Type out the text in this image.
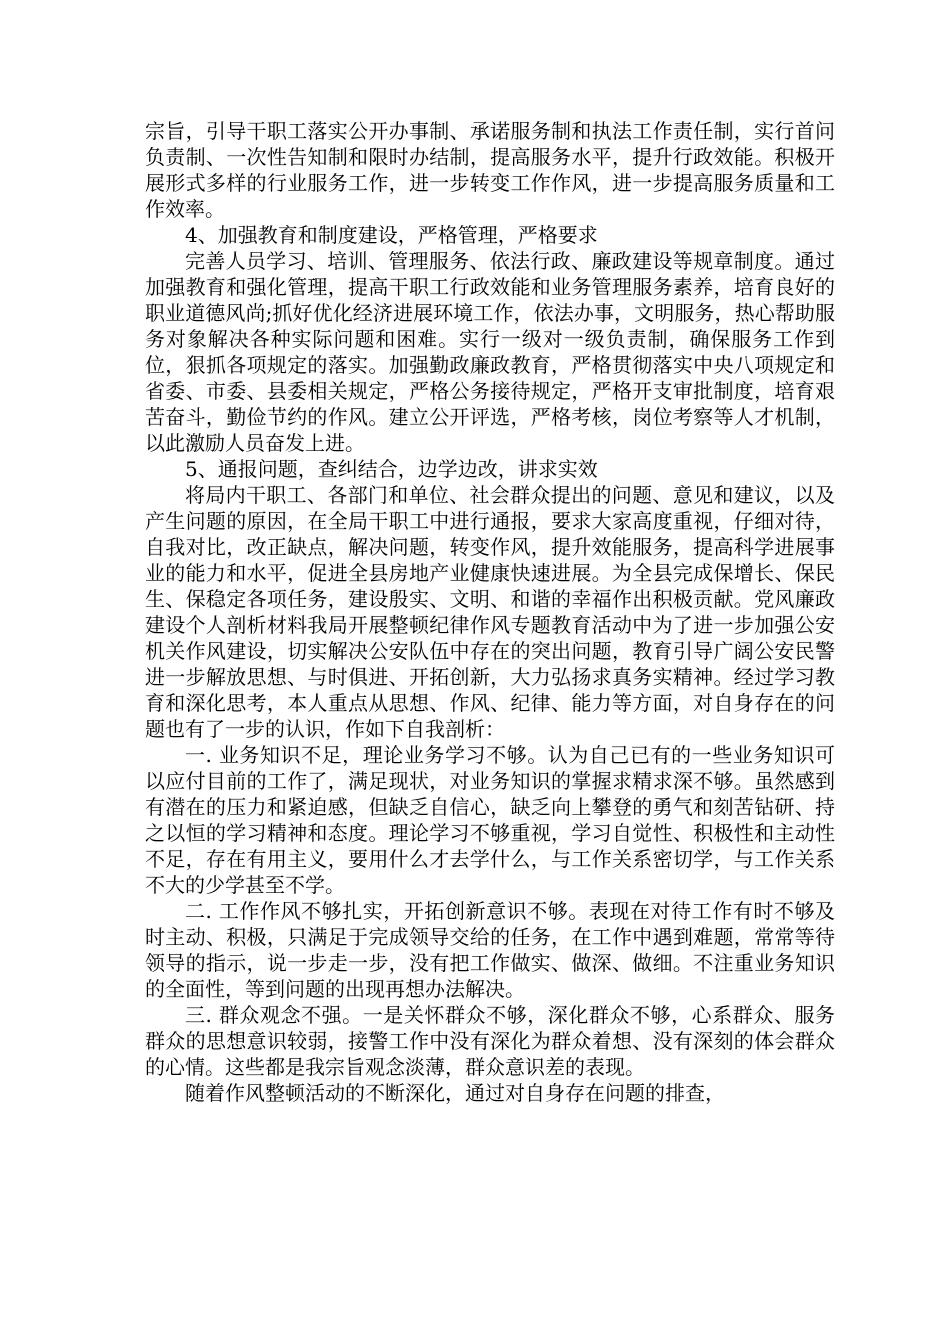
宗旨，引导干职工落实公开办事制、承诺服务制和执法工作责任制，实行首问负责制、一次性告知制和限时办结制，提高服务水平，提升行政效能。积极开展形式多样的行业服务工作，进一步转变工作作风，进一步提高服务质量和工作效率。

4、加强教育和制度建设，严格管理，严格要求

完善人员学习、培训、管理服务、依法行政、廉政建设等规章制度。通过加强教育和强化管理，提高干职工行政效能和业务管理服务素养，培育良好的职业道德风尚;抓好优化经济进展环境工作，依法办事，文明服务，热心帮助服务对象解决各种实际问题和困难。实行一级对一级负责制，确保服务工作到位，狠抓各项规定的落实。加强勤政廉政教育，严格贯彻落实中央八项规定和省委、市委、县委相关规定，严格公务接待规定，严格开支审批制度，培育艰苦奋斗，勤俭节约的作风。建立公开评选，严格考核，岗位考察等人才机制，以此激励人员奋发上进。

5、通报问题，查纠结合，边学边改，讲求实效

将局内干职工、各部门和单位、社会群众提出的问题、意见和建议，以及产生问题的原因，在全局干职工中进行通报，要求大家高度重视，仔细对待，自我对比，改正缺点，解决问题，转变作风，提升效能服务，提高科学进展事业的能力和水平，促进全县房地产业健康快速进展。为全县完成保增长、保民生、保稳定各项任务，建设殷实、文明、和谐的幸福作出积极贡献。党风廉政建设个人剖析材料我局开展整顿纪律作风专题教育活动中为了进一步加强公安机关作风建设，切实解决公安队伍中存在的突出问题，教育引导广阔公安民警进一步解放思想、与时俱进、开拓创新，大力弘扬求真务实精神。经过学习教育和深化思考，本人重点从思想、作风、纪律、能力等方面，对自身存在的问题也有了一步的认识，作如下自我剖析：

一. 业务知识不足，理论业务学习不够。认为自己已有的一些业务知识可以应付目前的工作了，满足现状，对业务知识的掌握求精求深不够。虽然感到有潜在的压力和紧迫感，但缺乏自信心，缺乏向上攀登的勇气和刻苦钻研、持之以恒的学习精神和态度。理论学习不够重视，学习自觉性、积极性和主动性不足，存在有用主义，要用什么才去学什么，与工作关系密切学，与工作关系不大的少学甚至不学。

二. 工作作风不够扎实，开拓创新意识不够。表现在对待工作有时不够及时主动、积极，只满足于完成领导交给的任务，在工作中遇到难题，常常等待领导的指示，说一步走一步，没有把工作做实、做深、做细。不注重业务知识的全面性，等到问题的出现再想办法解决。

三. 群众观念不强。一是关怀群众不够，深化群众不够，心系群众、服务群众的思想意识较弱，接警工作中没有深化为群众着想、没有深刻的体会群众的心情。这些都是我宗旨观念淡薄，群众意识差的表现。

随着作风整顿活动的不断深化，通过对自身存在问题的排查，
